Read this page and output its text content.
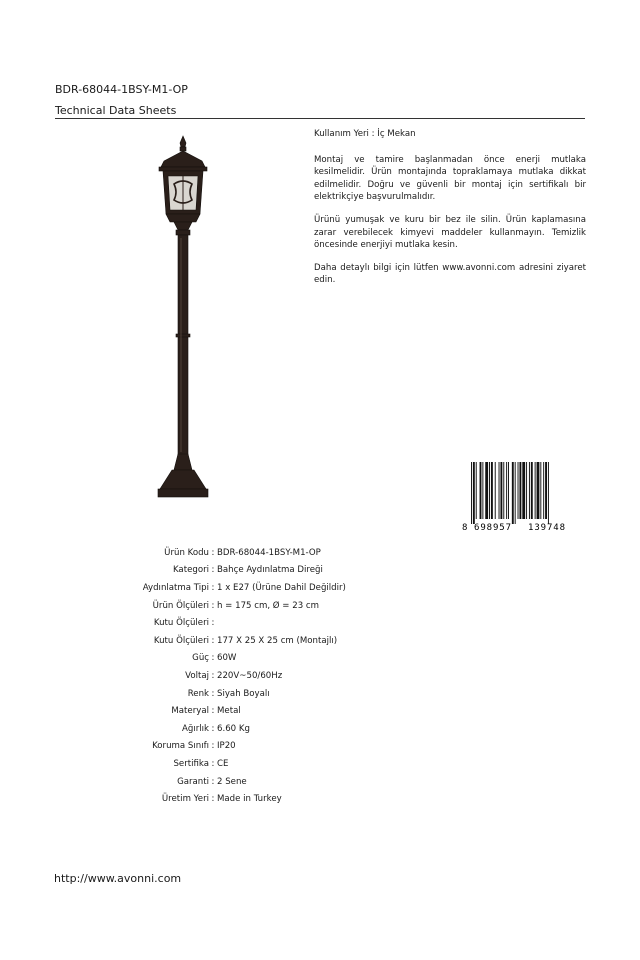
BDR-68044-1BSY-M1-OP
Technical Data Sheets

Kullanım Yeri : İç Mekan

Montaj ve tamire başlanmadan önce enerji mutlaka kesilmelidir. Ürün montajında topraklamaya mutlaka dikkat edilmelidir. Doğru ve güvenli bir montaj için sertifikalı bir elektrikçiye başvurulmalıdır.

Ürünü yumuşak ve kuru bir bez ile silin. Ürün kaplamasına zarar verebilecek kimyevi maddeler kullanmayın. Temizlik öncesinde enerjiyi mutlaka kesin.

Daha detaylı bilgi için lütfen www.avonni.com adresini ziyaret edin.

8 698957 139748
Ürün Kodu : BDR-68044-1BSY-M1-OP
Kategori : Bahçe Aydınlatma Direği
Aydınlatma Tipi : 1 x E27 (Ürüne Dahil Değildir)
Ürün Ölçüleri : h = 175 cm, Ø = 23 cm
Kutu Ölçüleri :
Kutu Ölçüleri : 177 X 25 X 25 cm (Montajlı)
Güç : 60W
Voltaj : 220V~50/60Hz
Renk : Siyah Boyalı
Materyal : Metal
Ağırlık : 6.60 Kg
Koruma Sınıfı : IP20
Sertifika : CE
Garanti : 2 Sene
Üretim Yeri : Made in Turkey
http://www.avonni.com
